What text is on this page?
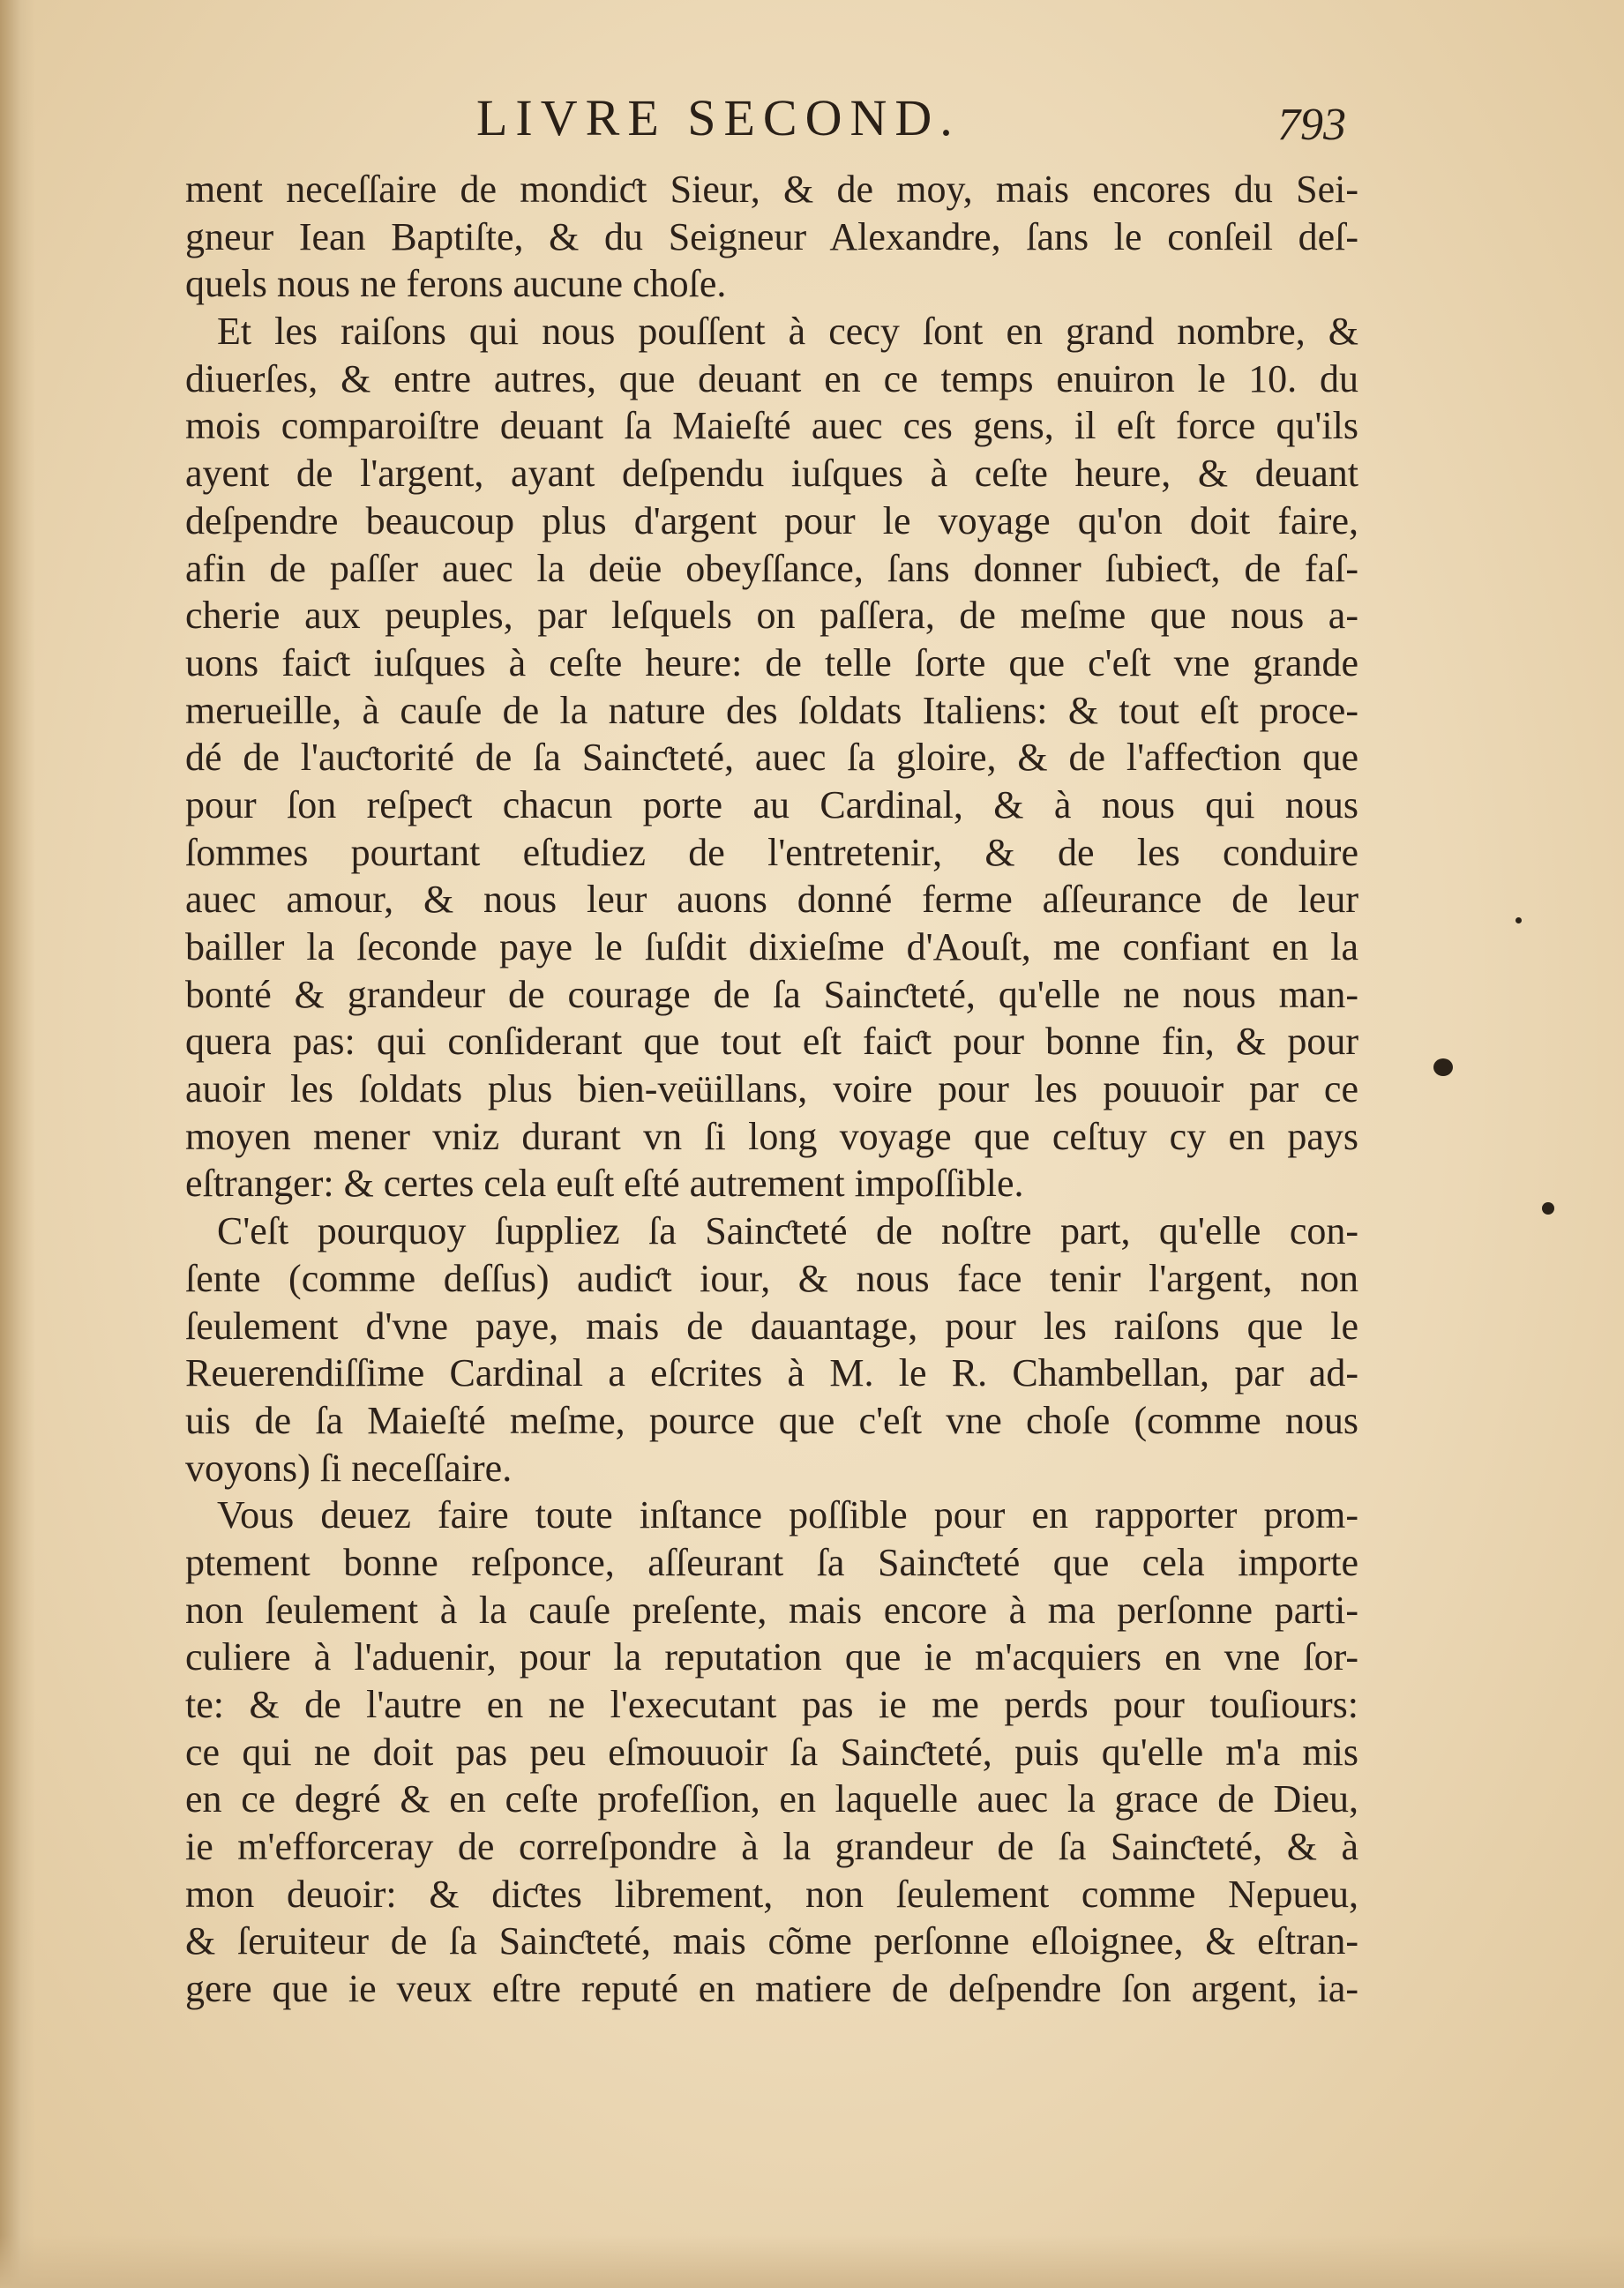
LIVRE SECOND.	793
ment neceſſaire de mondiƈt Sieur, & de moy, mais encores du Sei-
gneur Iean Baptiſte, & du Seigneur Alexandre, ſans le conſeil deſ-
quels nous ne ferons aucune choſe.
Et les raiſons qui nous pouſſent à cecy ſont en grand nombre, &
diuerſes, & entre autres, que deuant en ce temps enuiron le 10. du
mois comparoiſtre deuant ſa Maieſté auec ces gens, il eſt force qu'ils
ayent de l'argent, ayant deſpendu iuſques à ceſte heure, & deuant
deſpendre beaucoup plus d'argent pour le voyage qu'on doit faire,
afin de paſſer auec la deüe obeyſſance, ſans donner ſubieƈt, de faſ-
cherie aux peuples, par leſquels on paſſera, de meſme que nous a-
uons faiƈt iuſques à ceſte heure: de telle ſorte que c'eſt vne grande
merueille, à cauſe de la nature des ſoldats Italiens: & tout eſt proce-
dé de l'auƈtorité de ſa Sainƈteté, auec ſa gloire, & de l'affeƈtion que
pour ſon reſpeƈt chacun porte au Cardinal, & à nous qui nous
ſommes pourtant eſtudiez de l'entretenir, & de les conduire
auec amour, & nous leur auons donné ferme aſſeurance de leur
bailler la ſeconde paye le ſuſdit dixieſme d'Aouſt, me confiant en la
bonté & grandeur de courage de ſa Sainƈteté, qu'elle ne nous man-
quera pas: qui conſiderant que tout eſt faiƈt pour bonne fin, & pour
auoir les ſoldats plus bien-veüillans, voire pour les pouuoir par ce
moyen mener vniz durant vn ſi long voyage que ceſtuy cy en pays
eſtranger: & certes cela euſt eſté autrement impoſſible.
C'eſt pourquoy ſuppliez ſa Sainƈteté de noſtre part, qu'elle con-
ſente (comme deſſus) audiƈt iour, & nous face tenir l'argent, non
ſeulement d'vne paye, mais de dauantage, pour les raiſons que le
Reuerendiſſime Cardinal a eſcrites à M. le R. Chambellan, par ad-
uis de ſa Maieſté meſme, pource que c'eſt vne choſe (comme nous
voyons) ſi neceſſaire.
Vous deuez faire toute inſtance poſſible pour en rapporter prom-
ptement bonne reſponce, aſſeurant ſa Sainƈteté que cela importe
non ſeulement à la cauſe preſente, mais encore à ma perſonne parti-
culiere à l'aduenir, pour la reputation que ie m'acquiers en vne ſor-
te: & de l'autre en ne l'executant pas ie me perds pour touſiours:
ce qui ne doit pas peu eſmouuoir ſa Sainƈteté, puis qu'elle m'a mis
en ce degré & en ceſte profeſſion, en laquelle auec la grace de Dieu,
ie m'efforceray de correſpondre à la grandeur de ſa Sainƈteté, & à
mon deuoir: & diƈtes librement, non ſeulement comme Nepueu,
& ſeruiteur de ſa Sainƈteté, mais cõme perſonne eſloignee, & eſtran-
gere que ie veux eſtre reputé en matiere de deſpendre ſon argent, ia-
